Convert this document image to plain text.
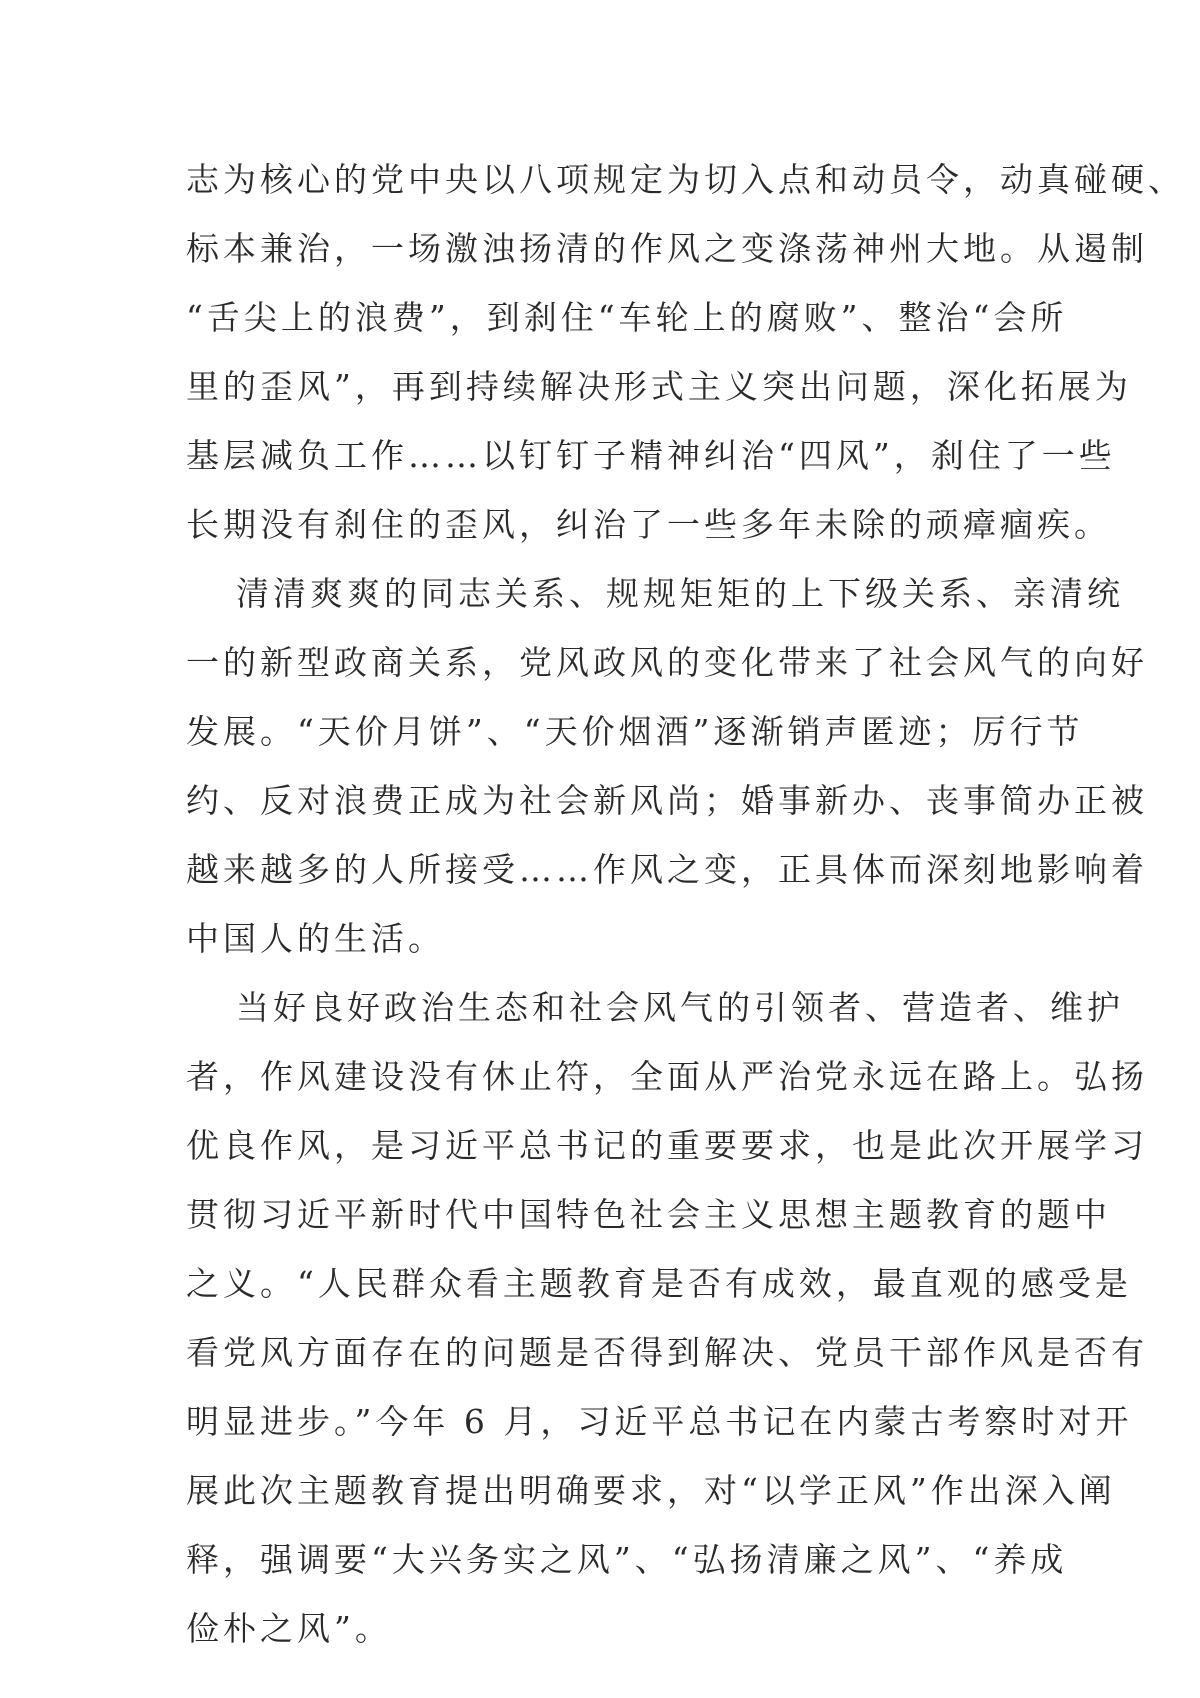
志为核心的党中央以八项规定为切入点和动员令，动真碰硬、
标本兼治，一场激浊扬清的作风之变涤荡神州大地。从遏制
“舌尖上的浪费”，到刹住“车轮上的腐败”、整治“会所
里的歪风”，再到持续解决形式主义突出问题，深化拓展为
基层减负工作……以钉钉子精神纠治“四风”，刹住了一些
长期没有刹住的歪风，纠治了一些多年未除的顽瘴痼疾。
清清爽爽的同志关系、规规矩矩的上下级关系、亲清统
一的新型政商关系，党风政风的变化带来了社会风气的向好
发展。“天价月饼”、“天价烟酒”逐渐销声匿迹；厉行节
约、反对浪费正成为社会新风尚；婚事新办、丧事简办正被
越来越多的人所接受……作风之变，正具体而深刻地影响着
中国人的生活。
当好良好政治生态和社会风气的引领者、营造者、维护
者，作风建设没有休止符，全面从严治党永远在路上。弘扬
优良作风，是习近平总书记的重要要求，也是此次开展学习
贯彻习近平新时代中国特色社会主义思想主题教育的题中
之义。“人民群众看主题教育是否有成效，最直观的感受是
看党风方面存在的问题是否得到解决、党员干部作风是否有
明显进步。”今年 6 月，习近平总书记在内蒙古考察时对开
展此次主题教育提出明确要求，对“以学正风”作出深入阐
释，强调要“大兴务实之风”、“弘扬清廉之风”、“养成
俭朴之风”。
